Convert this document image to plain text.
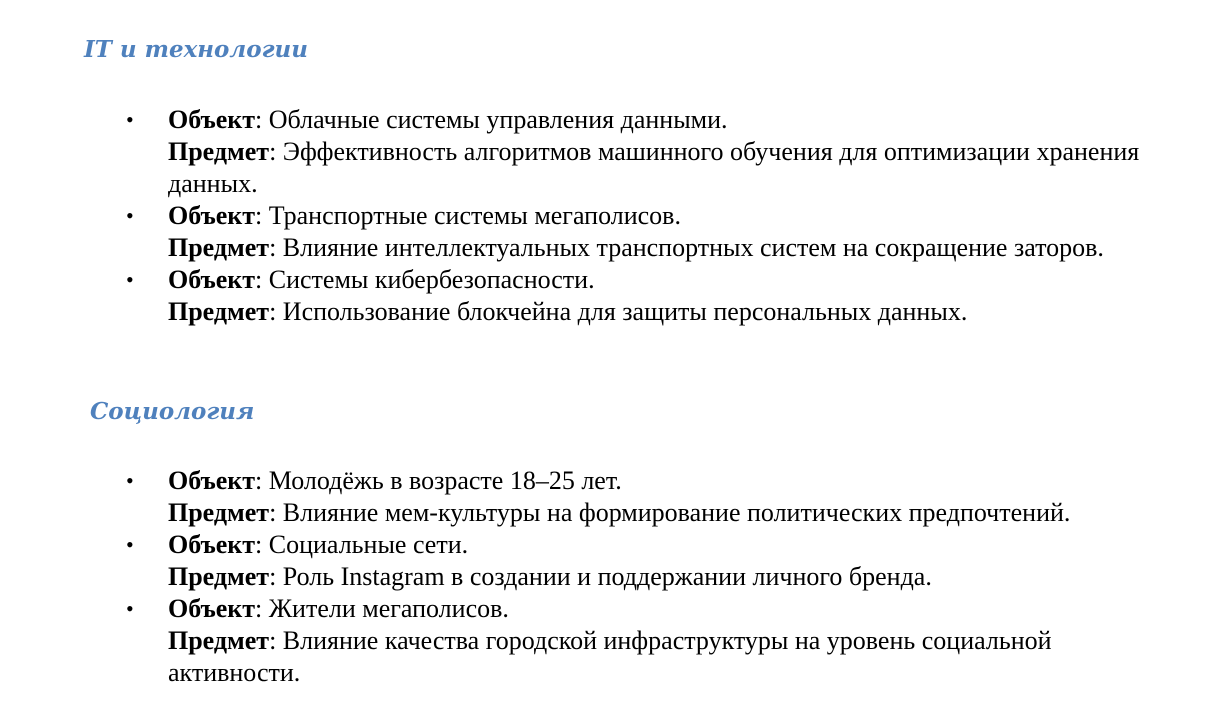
IT и технологии
•	Объект: Облачные системы управления данными.
Предмет: Эффективность алгоритмов машинного обучения для оптимизации хранения данных.
•	Объект: Транспортные системы мегаполисов.
Предмет: Влияние интеллектуальных транспортных систем на сокращение заторов.
•	Объект: Системы кибербезопасности.
Предмет: Использование блокчейна для защиты персональных данных.
Социология
•	Объект: Молодёжь в возрасте 18–25 лет.
Предмет: Влияние мем-культуры на формирование политических предпочтений.
•	Объект: Социальные сети.
Предмет: Роль Instagram в создании и поддержании личного бренда.
•	Объект: Жители мегаполисов.
Предмет: Влияние качества городской инфраструктуры на уровень социальной активности.
